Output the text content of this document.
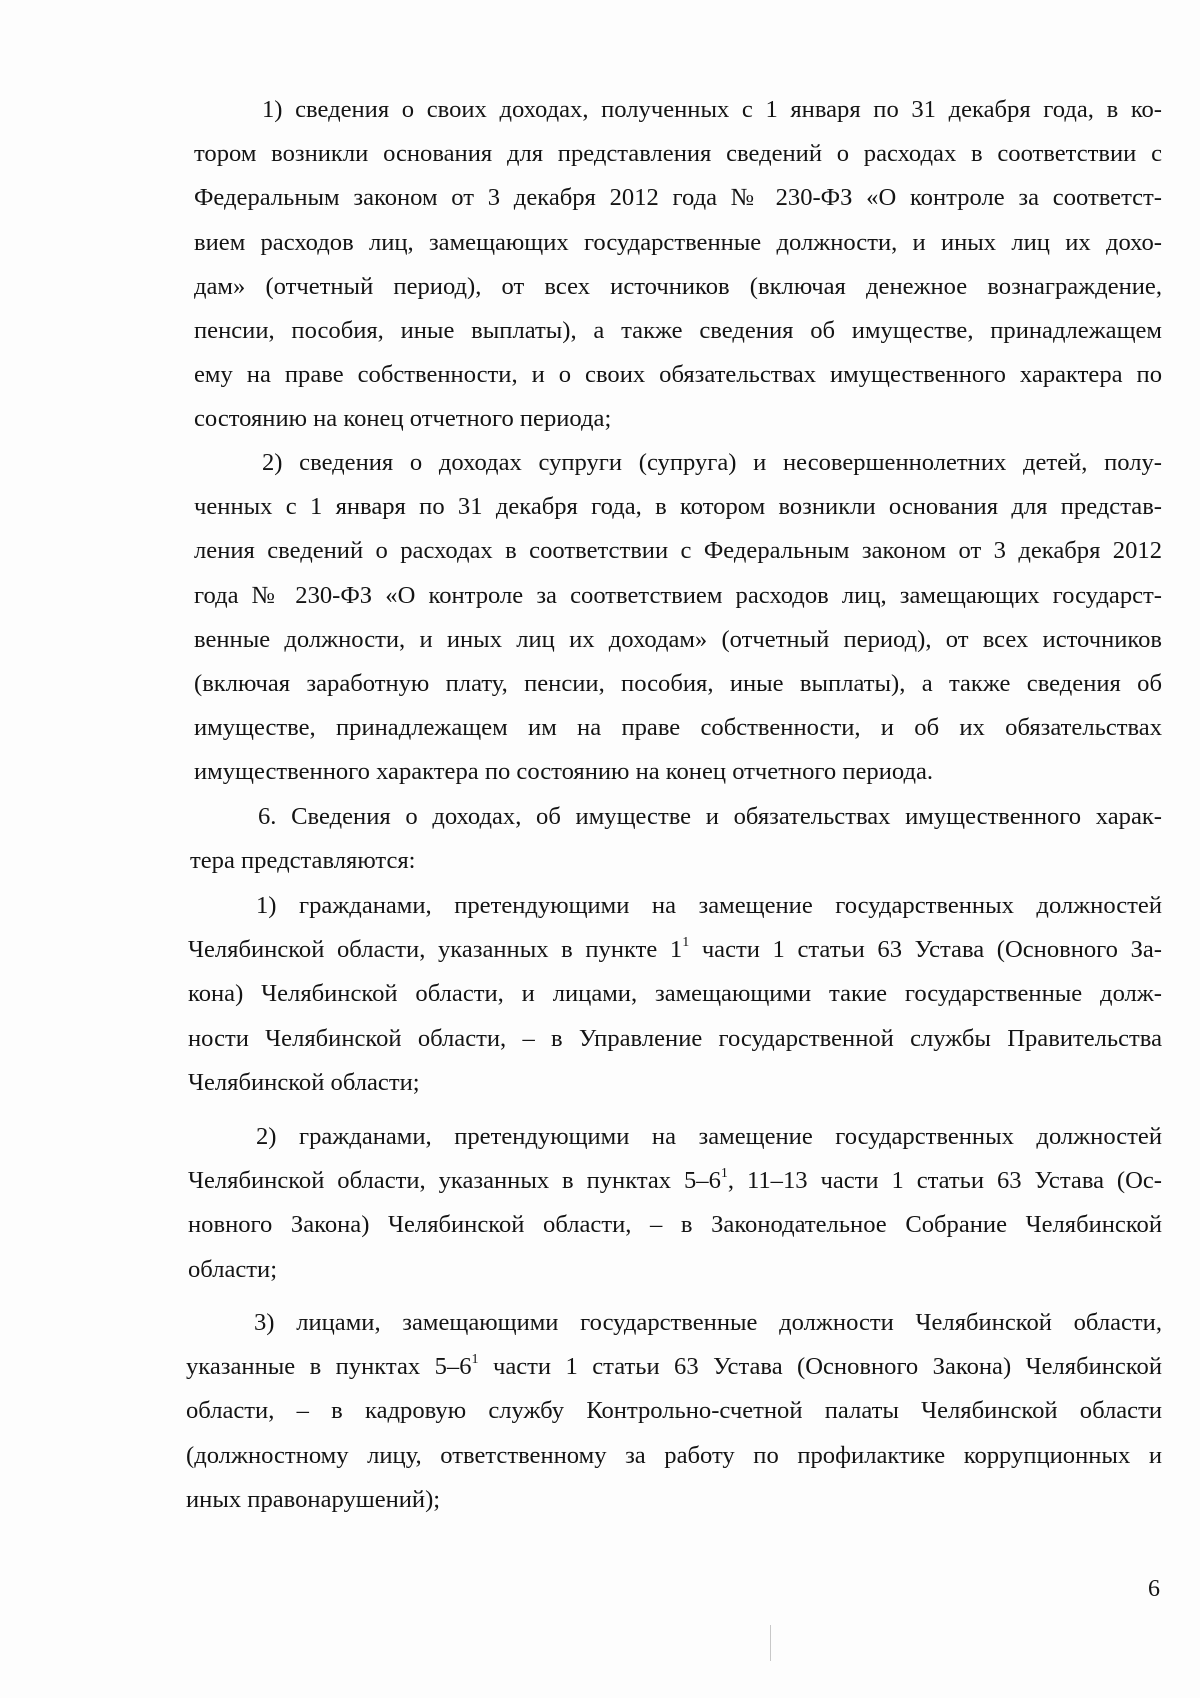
1) сведения о своих доходах, полученных с 1 января по 31 декабря года, в ко-
тором возникли основания для представления сведений о расходах в соответствии с
Федеральным законом от 3 декабря 2012 года № 230-ФЗ «О контроле за соответст-
вием расходов лиц, замещающих государственные должности, и иных лиц их дохо-
дам» (отчетный период), от всех источников (включая денежное вознаграждение,
пенсии, пособия, иные выплаты), а также сведения об имуществе, принадлежащем
ему на праве собственности, и о своих обязательствах имущественного характера по
состоянию на конец отчетного периода;
2) сведения о доходах супруги (супруга) и несовершеннолетних детей, полу-
ченных с 1 января по 31 декабря года, в котором возникли основания для представ-
ления сведений о расходах в соответствии с Федеральным законом от 3 декабря 2012
года № 230-ФЗ «О контроле за соответствием расходов лиц, замещающих государст-
венные должности, и иных лиц их доходам» (отчетный период), от всех источников
(включая заработную плату, пенсии, пособия, иные выплаты), а также сведения об
имуществе, принадлежащем им на праве собственности, и об их обязательствах
имущественного характера по состоянию на конец отчетного периода.
6. Сведения о доходах, об имуществе и обязательствах имущественного харак-
тера представляются:
1) гражданами, претендующими на замещение государственных должностей
Челябинской области, указанных в пункте $1^1$ части 1 статьи 63 Устава (Основного За-
кона) Челябинской области, и лицами, замещающими такие государственные долж-
ности Челябинской области, – в Управление государственной службы Правительства
Челябинской области;
2) гражданами, претендующими на замещение государственных должностей
Челябинской области, указанных в пунктах $5-6^1$, 11–13 части 1 статьи 63 Устава (Ос-
новного Закона) Челябинской области, – в Законодательное Собрание Челябинской
области;
3) лицами, замещающими государственные должности Челябинской области,
указанные в пунктах $5-6^1$ части 1 статьи 63 Устава (Основного Закона) Челябинской
области, – в кадровую службу Контрольно-счетной палаты Челябинской области
(должностному лицу, ответственному за работу по профилактике коррупционных и
иных правонарушений);
6
